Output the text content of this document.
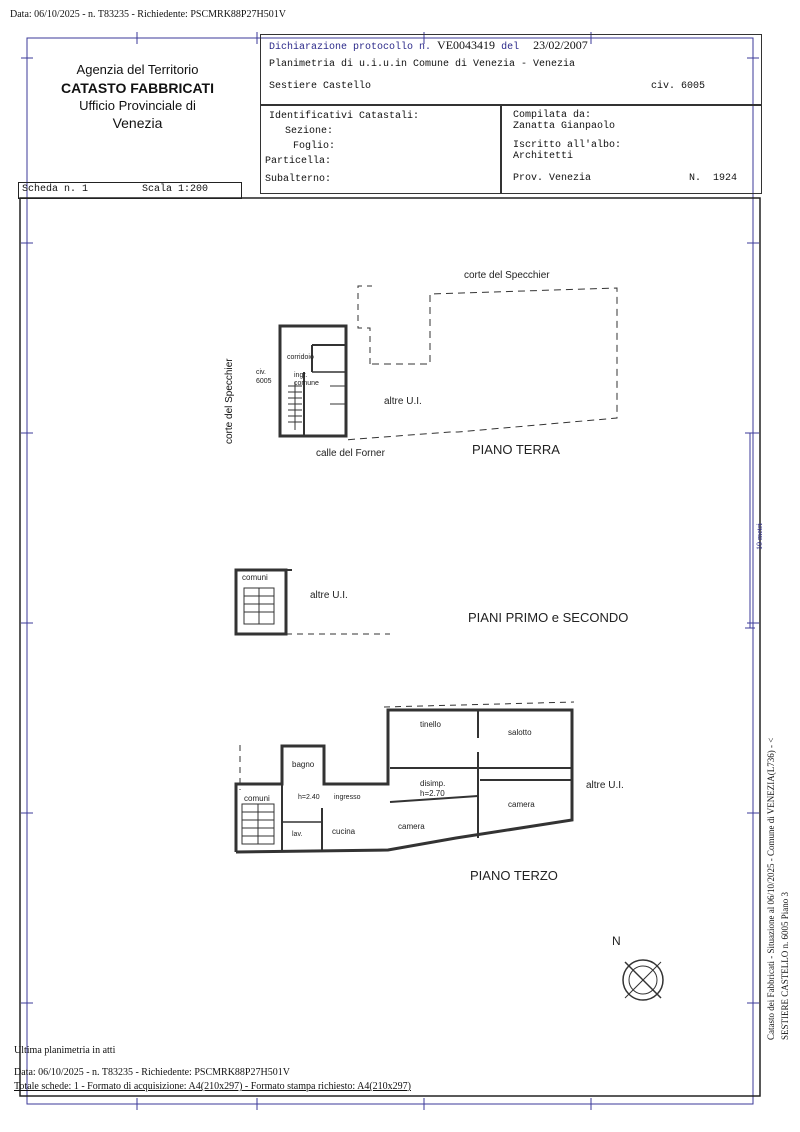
Data: 06/10/2025 - n. T83235 - Richiedente: PSCMRK88P27H501V
Agenzia del Territorio
CATASTO FABBRICATI
Ufficio Provinciale di
Venezia
Dichiarazione protocollo n. VE0043419 del 23/02/2007
Planimetria di u.i.u.in Comune di Venezia - Venezia
Sestiere Castello	civ. 6005
Identificativi Catastali:
Sezione:
Foglio:
Particella:
Subalterno:
Compilata da:
Zanatta Gianpaolo
Iscritto all'albo:
Architetti
Prov. Venezia	N.  1924
Scheda n. 1	Scala 1:200
corte del Specchier
corte del Specchier	civ.
6005
corridoio
ingr.
comune
altre U.I.
calle del Forner	PIANO TERRA
comuni
altre U.I.
PIANI PRIMO e SECONDO
tinello
salotto
bagno
disimp.
h=2.70
altre U.I.
comuni	h=2.40 ingresso
camera
camera
lav.	cucina
PIANO TERZO
N
10 metri
Catasto dei Fabbricati - Situazione al 06/10/2025 - Comune di VENEZIA(L736) - < SESTIERE CASTELLO n. 6005 Piano 3
Ultima planimetria in atti
Data: 06/10/2025 - n. T83235 - Richiedente: PSCMRK88P27H501V
Totale schede: 1 - Formato di acquisizione: A4(210x297) - Formato stampa richiesto: A4(210x297)
